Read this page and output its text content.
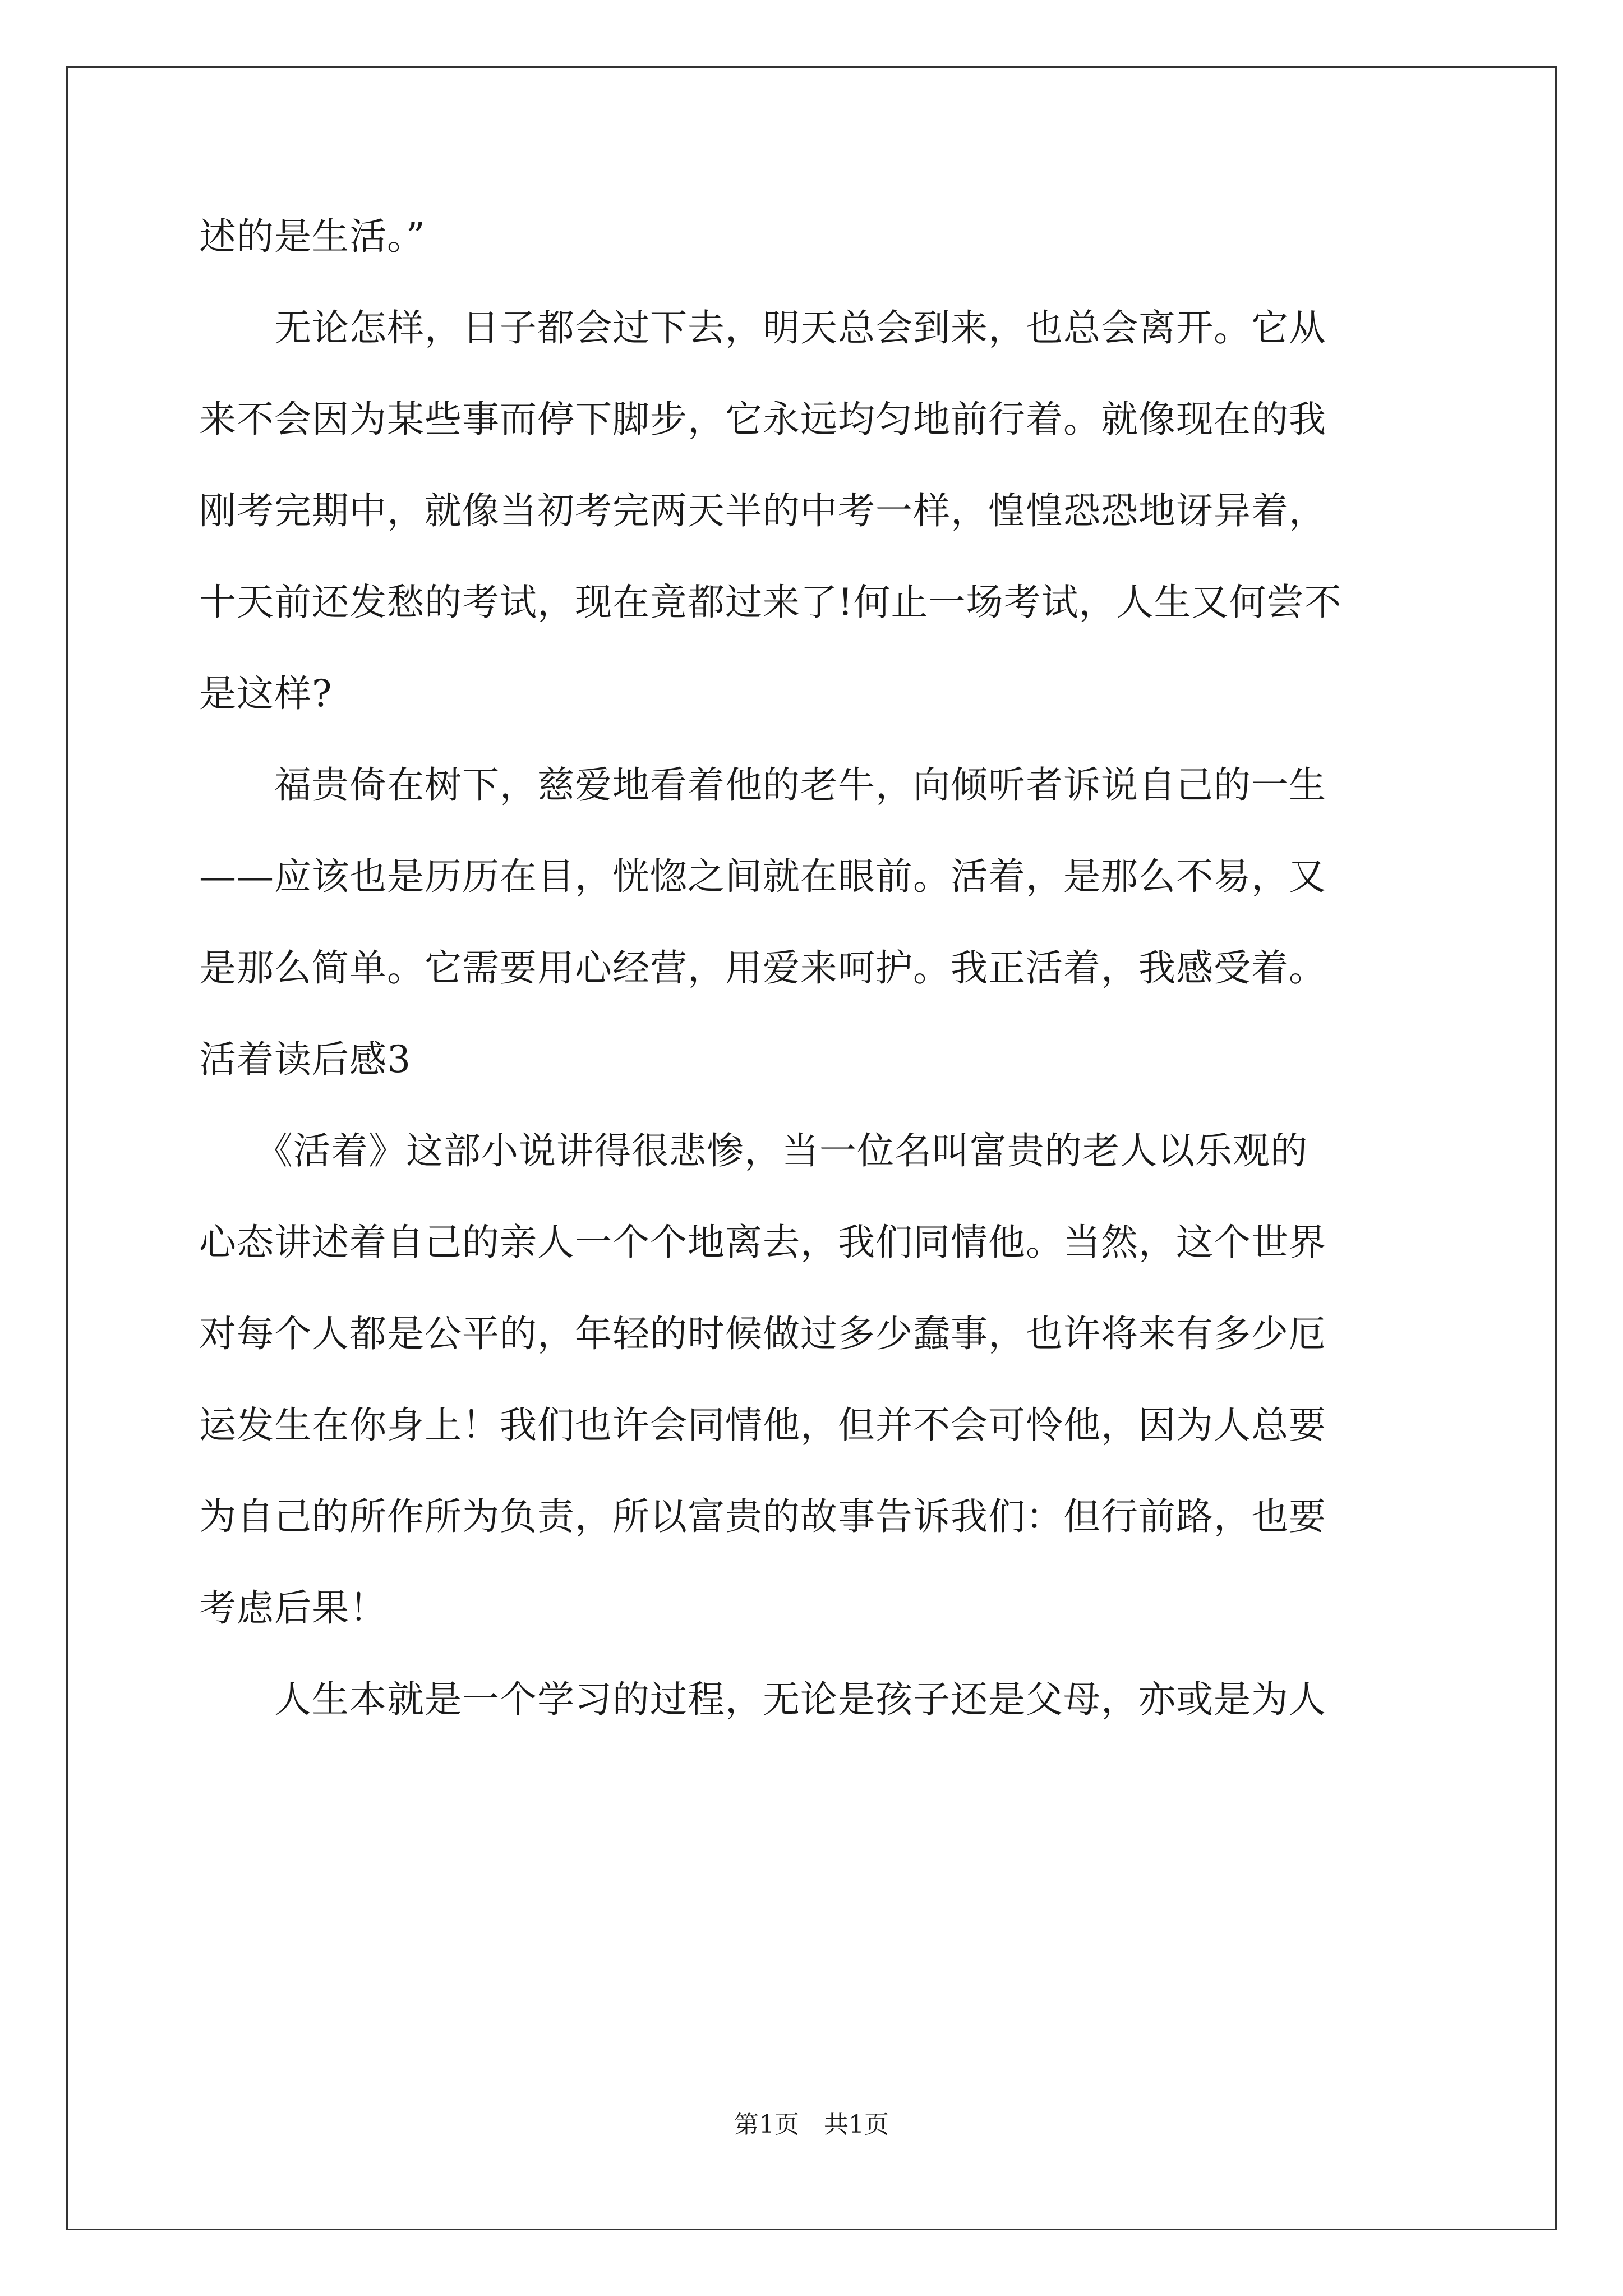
述的是生活。”
　　无论怎样，日子都会过下去，明天总会到来，也总会离开。它从
来不会因为某些事而停下脚步，它永远均匀地前行着。就像现在的我
刚考完期中，就像当初考完两天半的中考一样，惶惶恐恐地讶异着，
十天前还发愁的考试，现在竟都过来了!何止一场考试，人生又何尝不
是这样?
　　福贵倚在树下，慈爱地看着他的老牛，向倾听者诉说自己的一生
——应该也是历历在目，恍惚之间就在眼前。活着，是那么不易，又
是那么简单。它需要用心经营，用爱来呵护。我正活着，我感受着。
活着读后感3
　　《活着》这部小说讲得很悲惨，当一位名叫富贵的老人以乐观的
心态讲述着自己的亲人一个个地离去，我们同情他。当然，这个世界
对每个人都是公平的，年轻的时候做过多少蠢事，也许将来有多少厄
运发生在你身上！我们也许会同情他，但并不会可怜他，因为人总要
为自己的所作所为负责，所以富贵的故事告诉我们：但行前路，也要
考虑后果！
　　人生本就是一个学习的过程，无论是孩子还是父母，亦或是为人
第1页　共1页
